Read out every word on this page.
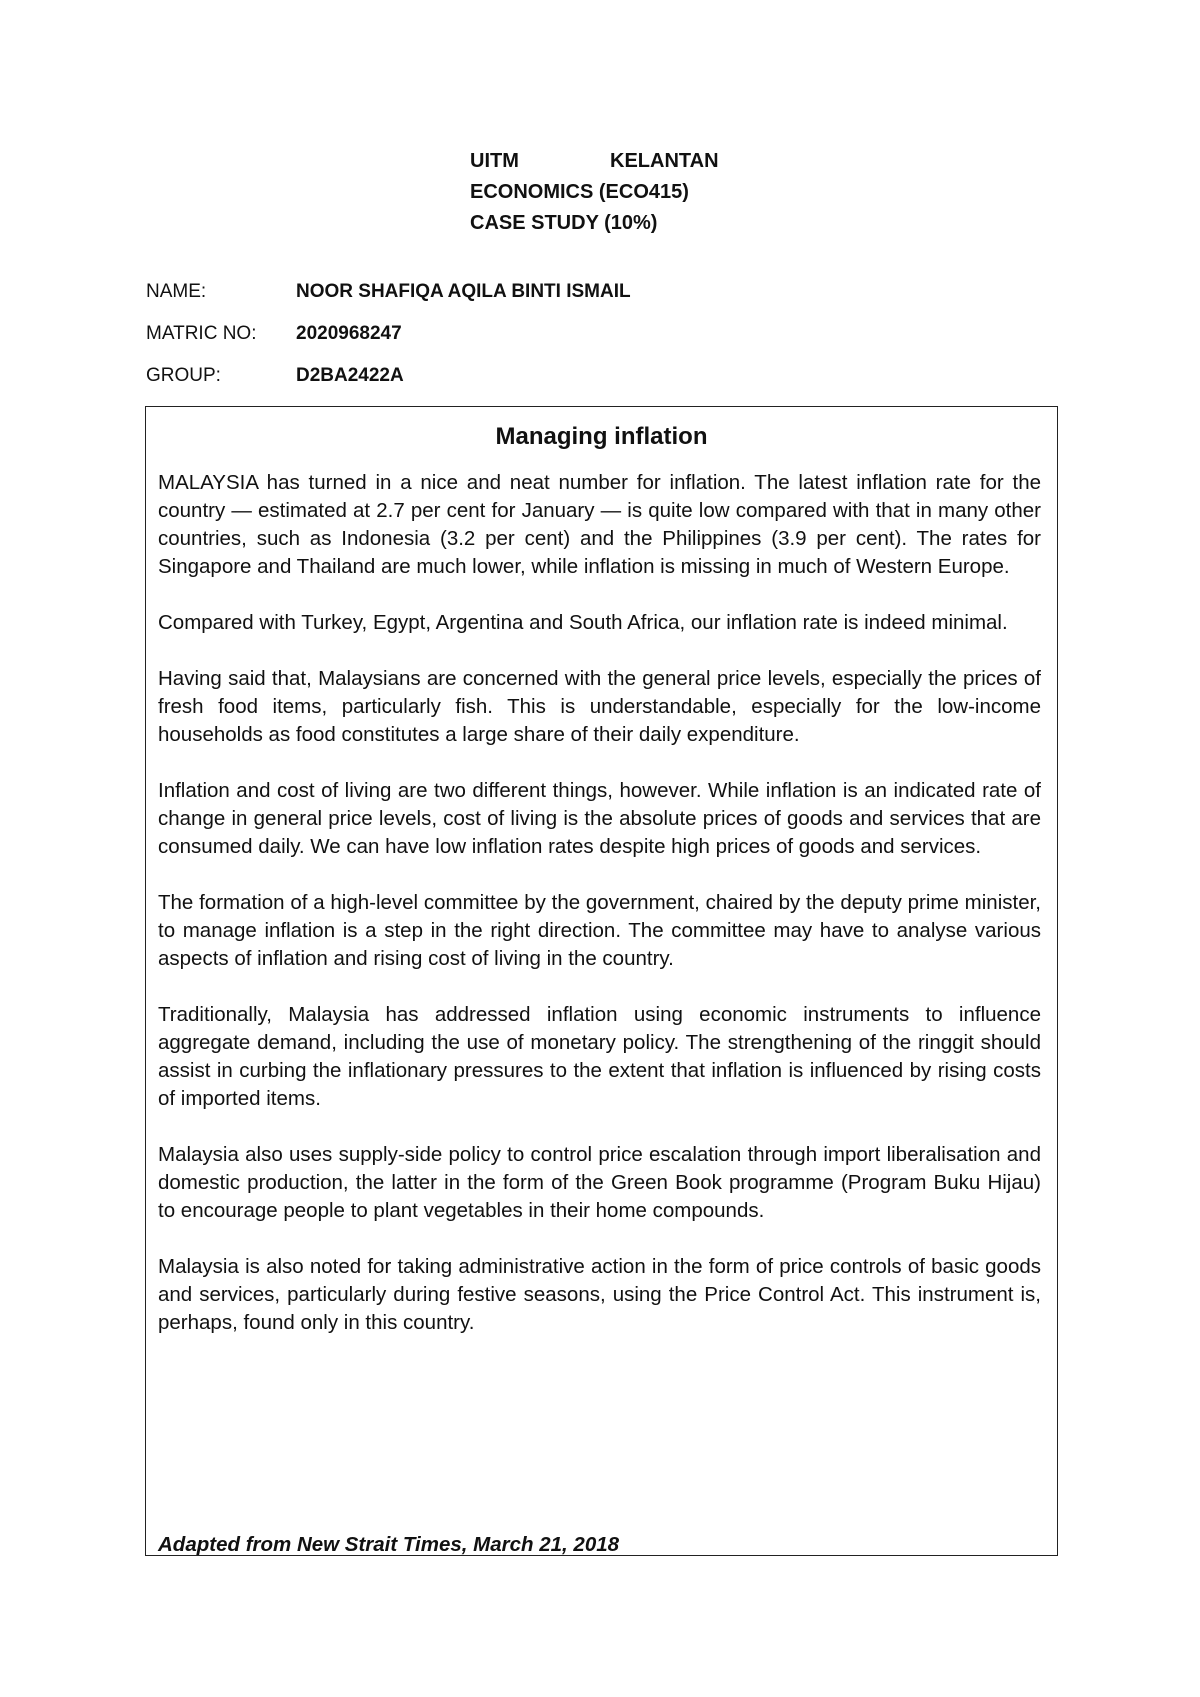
UITM	KELANTAN
ECONOMICS (ECO415)
CASE STUDY (10%)
NAME:	NOOR SHAFIQA AQILA BINTI ISMAIL
MATRIC NO: 2020968247
GROUP:	D2BA2422A
Managing inflation

MALAYSIA has turned in a nice and neat number for inflation. The latest inflation rate for the country — estimated at 2.7 per cent for January — is quite low compared with that in many other countries, such as Indonesia (3.2 per cent) and the Philippines (3.9 per cent). The rates for Singapore and Thailand are much lower, while inflation is missing in much of Western Europe.

Compared with Turkey, Egypt, Argentina and South Africa, our inflation rate is indeed minimal.

Having said that, Malaysians are concerned with the general price levels, especially the prices of fresh food items, particularly fish. This is understandable, especially for the low-income households as food constitutes a large share of their daily expenditure.

Inflation and cost of living are two different things, however. While inflation is an indicated rate of change in general price levels, cost of living is the absolute prices of goods and services that are consumed daily. We can have low inflation rates despite high prices of goods and services.

The formation of a high-level committee by the government, chaired by the deputy prime minister, to manage inflation is a step in the right direction. The committee may have to analyse various aspects of inflation and rising cost of living in the country.

Traditionally, Malaysia has addressed inflation using economic instruments to influence aggregate demand, including the use of monetary policy. The strengthening of the ringgit should assist in curbing the inflationary pressures to the extent that inflation is influenced by rising costs of imported items.

Malaysia also uses supply-side policy to control price escalation through import liberalisation and domestic production, the latter in the form of the Green Book programme (Program Buku Hijau) to encourage people to plant vegetables in their home compounds.

Malaysia is also noted for taking administrative action in the form of price controls of basic goods and services, particularly during festive seasons, using the Price Control Act. This instrument is, perhaps, found only in this country.

Adapted from New Strait Times, March 21, 2018
